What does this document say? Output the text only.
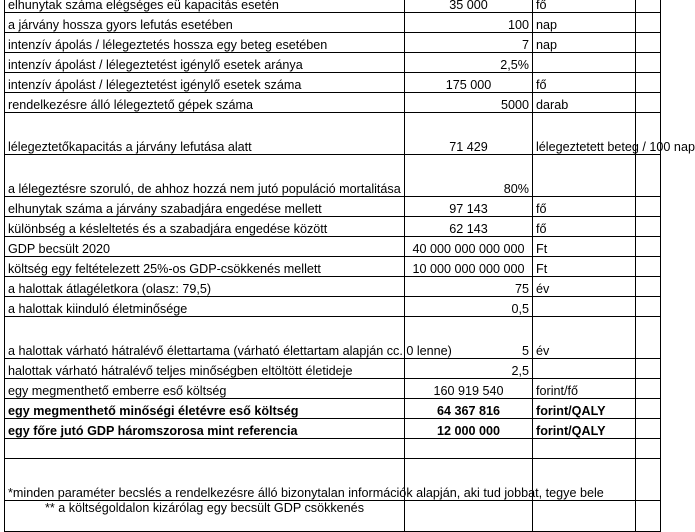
elhunytak száma elégséges eü kapacitás esetén	35 000	fő	
a járvány hossza gyors lefutás esetében	100	nap	
intenzív ápolás / lélegeztetés hossza egy beteg esetében	7	nap	
intenzív ápolást / lélegeztetést igénylő esetek aránya	2,5%		
intenzív ápolást / lélegeztetést igénylő esetek száma	175 000	fő	
rendelkezésre álló lélegeztető gépek száma	5000	darab	
lélegeztetőkapacitás a járvány lefutása alatt	71 429	lélegeztetett beteg / 100 nap	
a lélegeztésre szoruló, de ahhoz hozzá nem jutó populáció mortalitása	80%		
elhunytak száma a járvány szabadjára engedése mellett	97 143	fő	
különbség a késleltetés és a szabadjára engedése között	62 143	fő	
GDP becsült 2020	40 000 000 000 000	Ft	
költség egy feltételezett 25%-os GDP-csökkenés mellett	10 000 000 000 000	Ft	
a halottak átlagéletkora (olasz: 79,5)	75	év	
a halottak kiinduló életminősége	0,5		
a halottak várható hátralévő élettartama (várható élettartam alapján cc. 0 lenne)	5	év	
halottak várható hátralévő teljes minőségben eltöltött életideje	2,5		
egy megmenthető emberre eső költség	160 919 540	forint/fő	
egy megmenthető minőségi életévre eső költség	64 367 816	forint/QALY	
egy főre jutó GDP háromszorosa mint referencia	12 000 000	forint/QALY	

*minden paraméter becslés a rendelkezésre álló bizonytalan információk alapján, aki tud jobbat, tegye bele			
** a költségoldalon kizárólag egy becsült GDP csökkenés			
